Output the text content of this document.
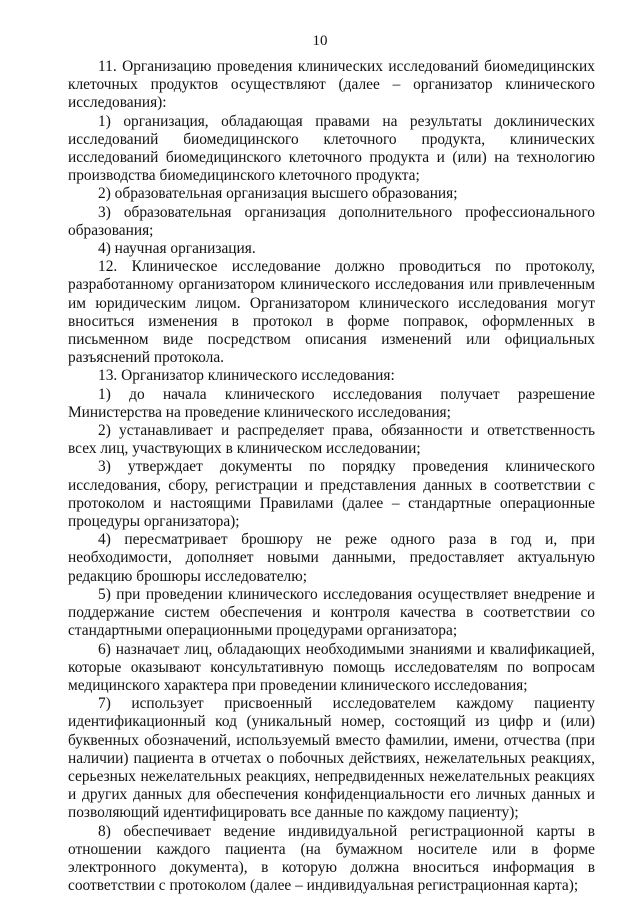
10

11. Организацию проведения клинических исследований биомедицинских клеточных продуктов осуществляют (далее – организатор клинического исследования):

1) организация, обладающая правами на результаты доклинических исследований биомедицинского клеточного продукта, клинических исследований биомедицинского клеточного продукта и (или) на технологию производства биомедицинского клеточного продукта;

2) образовательная организация высшего образования;

3) образовательная организация дополнительного профессионального образования;

4) научная организация.

12. Клиническое исследование должно проводиться по протоколу, разработанному организатором клинического исследования или привлеченным им юридическим лицом. Организатором клинического исследования могут вноситься изменения в протокол в форме поправок, оформленных в письменном виде посредством описания изменений или официальных разъяснений протокола.

13. Организатор клинического исследования:

1) до начала клинического исследования получает разрешение Министерства на проведение клинического исследования;

2) устанавливает и распределяет права, обязанности и ответственность всех лиц, участвующих в клиническом исследовании;

3) утверждает документы по порядку проведения клинического исследования, сбору, регистрации и представления данных в соответствии с протоколом и настоящими Правилами (далее – стандартные операционные процедуры организатора);

4) пересматривает брошюру не реже одного раза в год и, при необходимости, дополняет новыми данными, предоставляет актуальную редакцию брошюры исследователю;

5) при проведении клинического исследования осуществляет внедрение и поддержание систем обеспечения и контроля качества в соответствии со стандартными операционными процедурами организатора;

6) назначает лиц, обладающих необходимыми знаниями и квалификацией, которые оказывают консультативную помощь исследователям по вопросам медицинского характера при проведении клинического исследования;

7) использует присвоенный исследователем каждому пациенту идентификационный код (уникальный номер, состоящий из цифр и (или) буквенных обозначений, используемый вместо фамилии, имени, отчества (при наличии) пациента в отчетах о побочных действиях, нежелательных реакциях, серьезных нежелательных реакциях, непредвиденных нежелательных реакциях и других данных для обеспечения конфиденциальности его личных данных и позволяющий идентифицировать все данные по каждому пациенту);

8) обеспечивает ведение индивидуальной регистрационной карты в отношении каждого пациента (на бумажном носителе или в форме электронного документа), в которую должна вноситься информация в соответствии с протоколом (далее – индивидуальная регистрационная карта);
